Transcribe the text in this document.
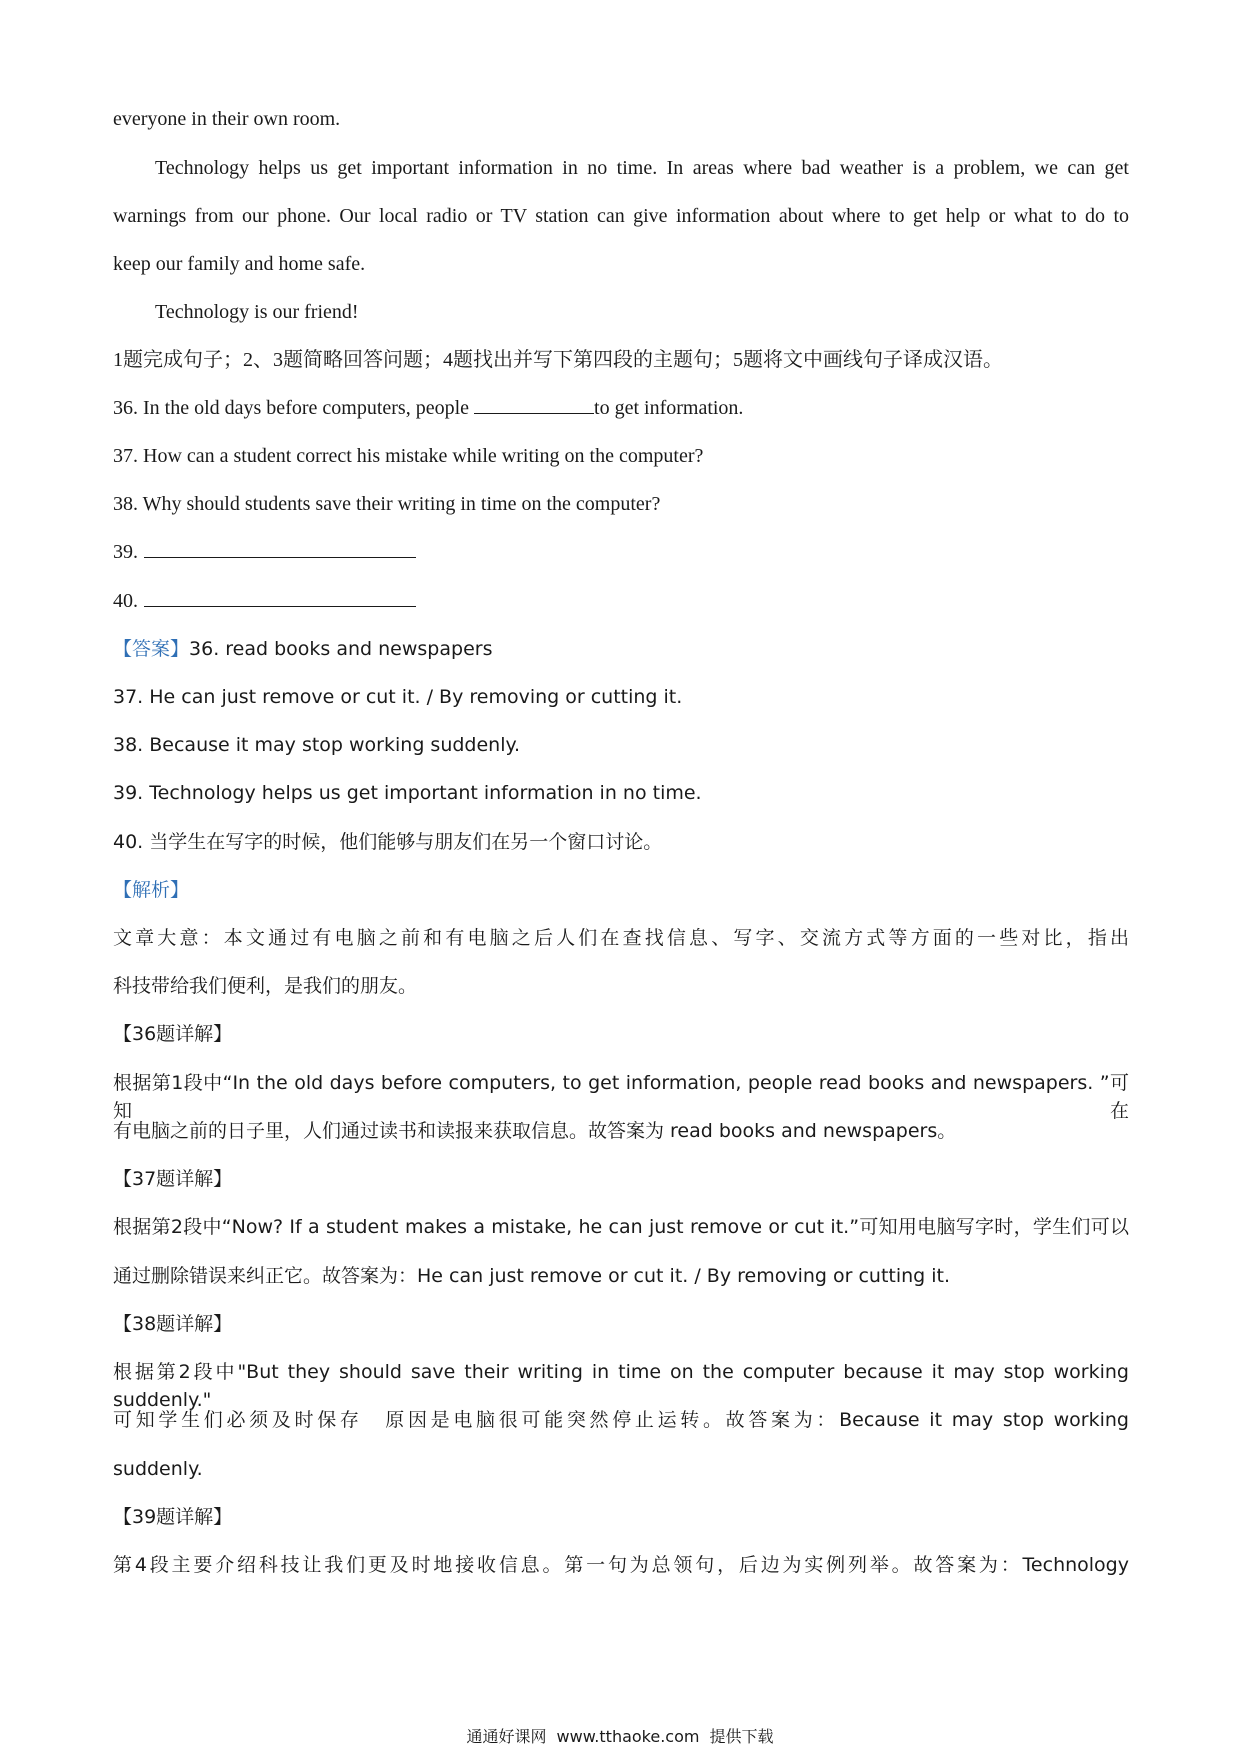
everyone in their own room.
Technology helps us get important information in no time. In areas where bad weather is a problem, we can get
warnings from our phone. Our local radio or TV station can give information about where to get help or what to do to
keep our family and home safe.
Technology is our friend!
1题完成句子；2、3题简略回答问题；4题找出并写下第四段的主题句；5题将文中画线句子译成汉语。
36. In the old days before computers, people	to get information.
37. How can a student correct his mistake while writing on the computer?
38. Why should students save their writing in time on the computer?
39.
40.
【答案】36. read books and newspapers
37. He can just remove or cut it. / By removing or cutting it.
38. Because it may stop working suddenly.
39. Technology helps us get important information in no time.
40. 当学生在写字的时候，他们能够与朋友们在另一个窗口讨论。
【解析】
文章大意：本文通过有电脑之前和有电脑之后人们在查找信息、写字、交流方式等方面的一些对比，指出
科技带给我们便利，是我们的朋友。
【36题详解】
根据第1段中“In the old days before computers, to get information, people read books and newspapers. ”可知在
有电脑之前的日子里，人们通过读书和读报来获取信息。故答案为 read books and newspapers。
【37题详解】
根据第2段中“Now? If a student makes a mistake, he can just remove or cut it.”可知用电脑写字时，学生们可以
通过删除错误来纠正它。故答案为：He can just remove or cut it. / By removing or cutting it.
【38题详解】
根据第2段中"But they should save their writing in time on the computer because it may stop working suddenly."
可知学生们必须及时保存　原因是电脑很可能突然停止运转。故答案为：Because it may stop working
suddenly.
【39题详解】
第4段主要介绍科技让我们更及时地接收信息。第一句为总领句，后边为实例列举。故答案为：Technology
通通好课网 www.tthaoke.com 提供下载
